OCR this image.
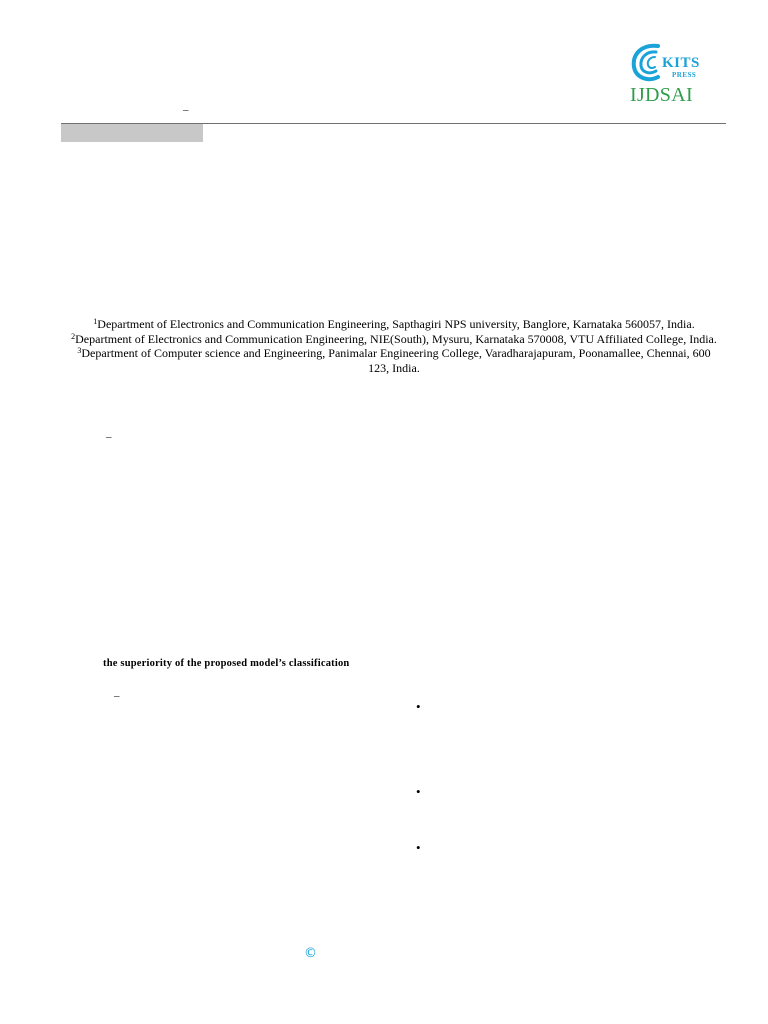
KITS
PRESS
IJDSAI
–
$^1$Department of Electronics and Communication Engineering, Sapthagiri NPS university, Banglore, Karnataka 560057, India.
$^2$Department of Electronics and Communication Engineering, NIE(South), Mysuru, Karnataka 570008, VTU Affiliated College, India.
$^3$Department of Computer science and Engineering, Panimalar Engineering College, Varadharajapuram, Poonamallee, Chennai, 600 123, India.
–
the superiority of the proposed model’s classification
–
•
•
•
©
